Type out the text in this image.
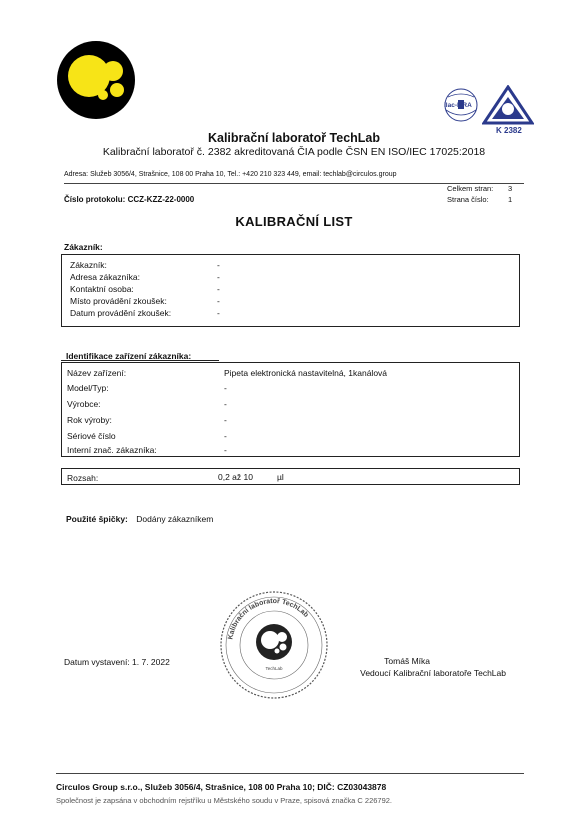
ilac-MRA
K 2382
Kalibrační laboratoř TechLab
Kalibrační laboratoř č. 2382 akreditovaná ČIA podle ČSN EN ISO/IEC 17025:2018
Adresa: Služeb 3056/4, Strašnice, 108 00 Praha 10, Tel.: +420 210 323 449, email: techlab@circulos.group
Číslo protokolu: CCZ-KZZ-22-0000
Celkem stran: 3
Strana číslo:	1
KALIBRAČNÍ LIST
Zákazník:
Zákazník:	-
Adresa zákazníka:	-
Kontaktní osoba:	-
Místo provádění zkoušek:	-
Datum provádění zkoušek:	-
Identifikace zařízení zákazníka:
Název zařízení:	Pipeta elektronická nastavitelná, 1kanálová
Model/Typ:	-
Výrobce:	-
Rok výroby:	-
Sériové číslo	-
Interní znač. zákazníka:	-
Rozsah:	0,2 až 10	µl
Použité špičky: Dodány zákazníkem
Kalibrační laboratoř TechLab
TechLab
Datum vystavení: 1. 7. 2022	Tomáš Míka
Vedoucí Kalibrační laboratoře TechLab
Circulos Group s.r.o., Služeb 3056/4, Strašnice, 108 00 Praha 10; DIČ: CZ03043878
Společnost je zapsána v obchodním rejstříku u Městského soudu v Praze, spisová značka C 226792.
